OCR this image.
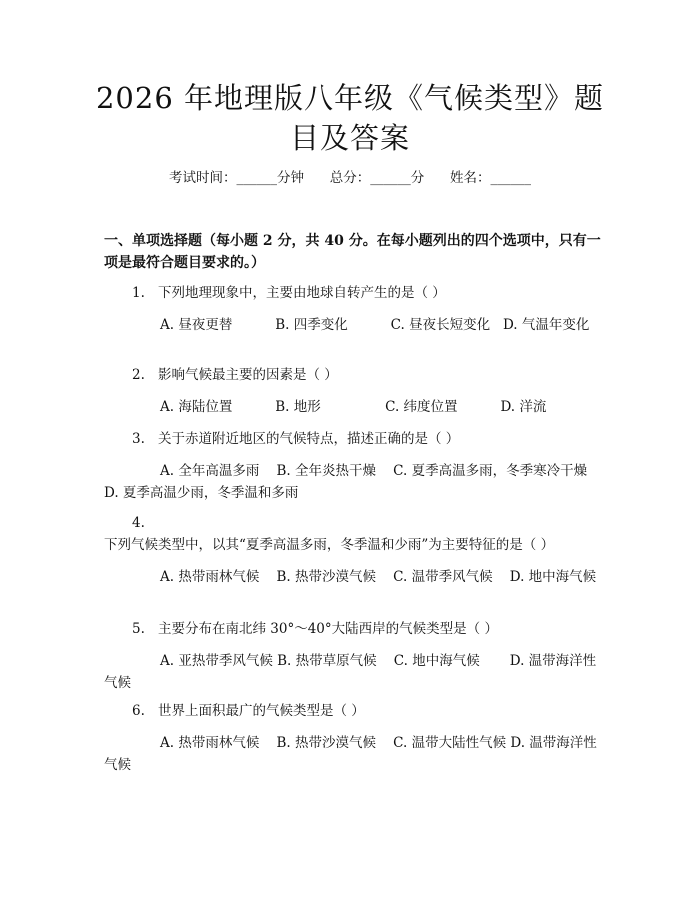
2026 年地理版八年级《气候类型》题目及答案
考试时间：______分钟      总分：______分      姓名：______
一、单项选择题（每小题 2 分，共 40 分。在每小题列出的四个选项中，只有一项是最符合题目要求的。）
1. 下列地理现象中，主要由地球自转产生的是（ ）
A. 昼夜更替          B. 四季变化          C. 昼夜长短变化   D. 气温年变化
2. 影响气候最主要的因素是（ ）
A. 海陆位置          B. 地形               C. 纬度位置          D. 洋流
3. 关于赤道附近地区的气候特点，描述正确的是（ ）
A. 全年高温多雨    B. 全年炎热干燥    C. 夏季高温多雨，冬季寒冷干燥 D. 夏季高温少雨，冬季温和多雨
4.下列气候类型中，以其“夏季高温多雨，冬季温和少雨”为主要特征的是（ ）
A. 热带雨林气候    B. 热带沙漠气候    C. 温带季风气候    D. 地中海气候
5. 主要分布在南北纬 30°～40°大陆西岸的气候类型是（ ）
A. 亚热带季风气候 B. 热带草原气候    C. 地中海气候       D. 温带海洋性气候
6. 世界上面积最广的气候类型是（ ）
A. 热带雨林气候    B. 热带沙漠气候    C. 温带大陆性气候 D. 温带海洋性气候
